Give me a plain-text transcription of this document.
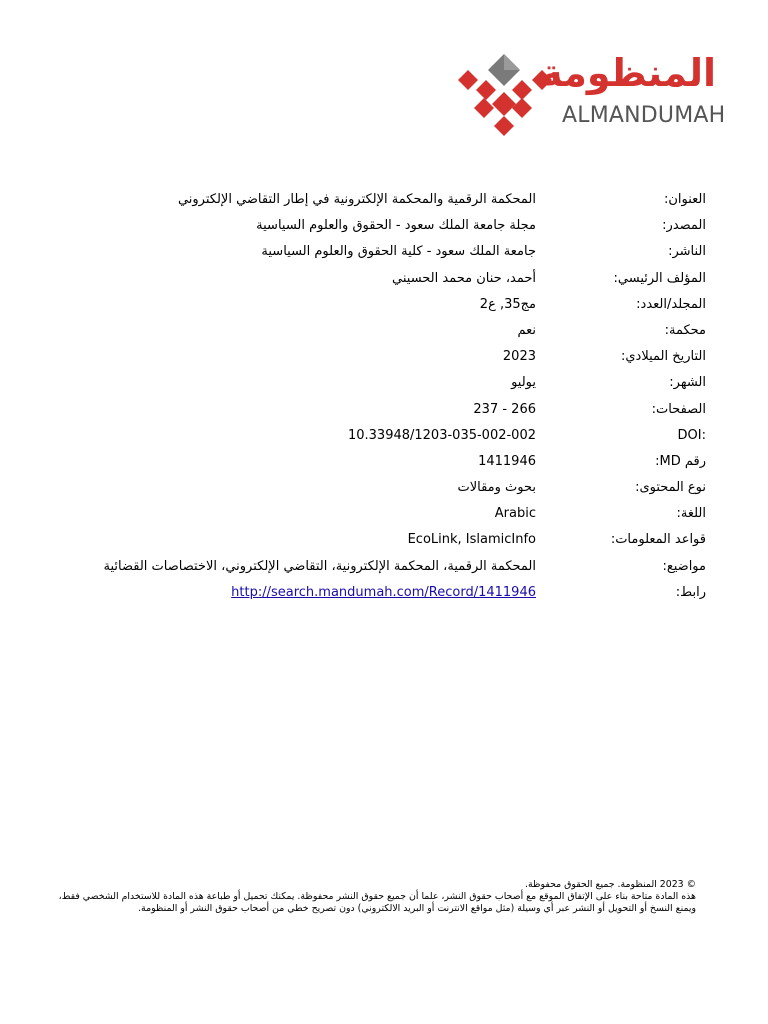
المنظومة
ALMANDUMAH
العنوان:
المحكمة الرقمية والمحكمة الإلكترونية في إطار التقاضي الإلكتروني
المصدر:
مجلة جامعة الملك سعود - الحقوق والعلوم السياسية
الناشر:
جامعة الملك سعود - كلية الحقوق والعلوم السياسية
المؤلف الرئيسي:
أحمد، حنان محمد الحسيني
المجلد/العدد:
مج35, ع2
محكمة:
نعم
التاريخ الميلادي:
2023
الشهر:
يوليو
الصفحات:
237 - 266
DOI:
10.33948/1203-035-002-002
رقم MD:
1411946
نوع المحتوى:
بحوث ومقالات
اللغة:
Arabic
قواعد المعلومات:
EcoLink, IslamicInfo
مواضيع:
المحكمة الرقمية، المحكمة الإلكترونية، التقاضي الإلكتروني، الاختصاصات القضائية
رابط:
http://search.mandumah.com/Record/1411946

© 2023 المنظومة. جميع الحقوق محفوظة.

هذه المادة متاحة بناء على الإتفاق الموقع مع أصحاب حقوق النشر، علما أن جميع حقوق النشر محفوظة. يمكنك تحميل أو طباعة هذه المادة للاستخدام الشخصي فقط، ويمنع النسخ أو التحويل أو النشر عبر أي وسيلة (مثل مواقع الانترنت أو البريد الالكتروني) دون تصريح خطي من أصحاب حقوق النشر أو المنظومة.
